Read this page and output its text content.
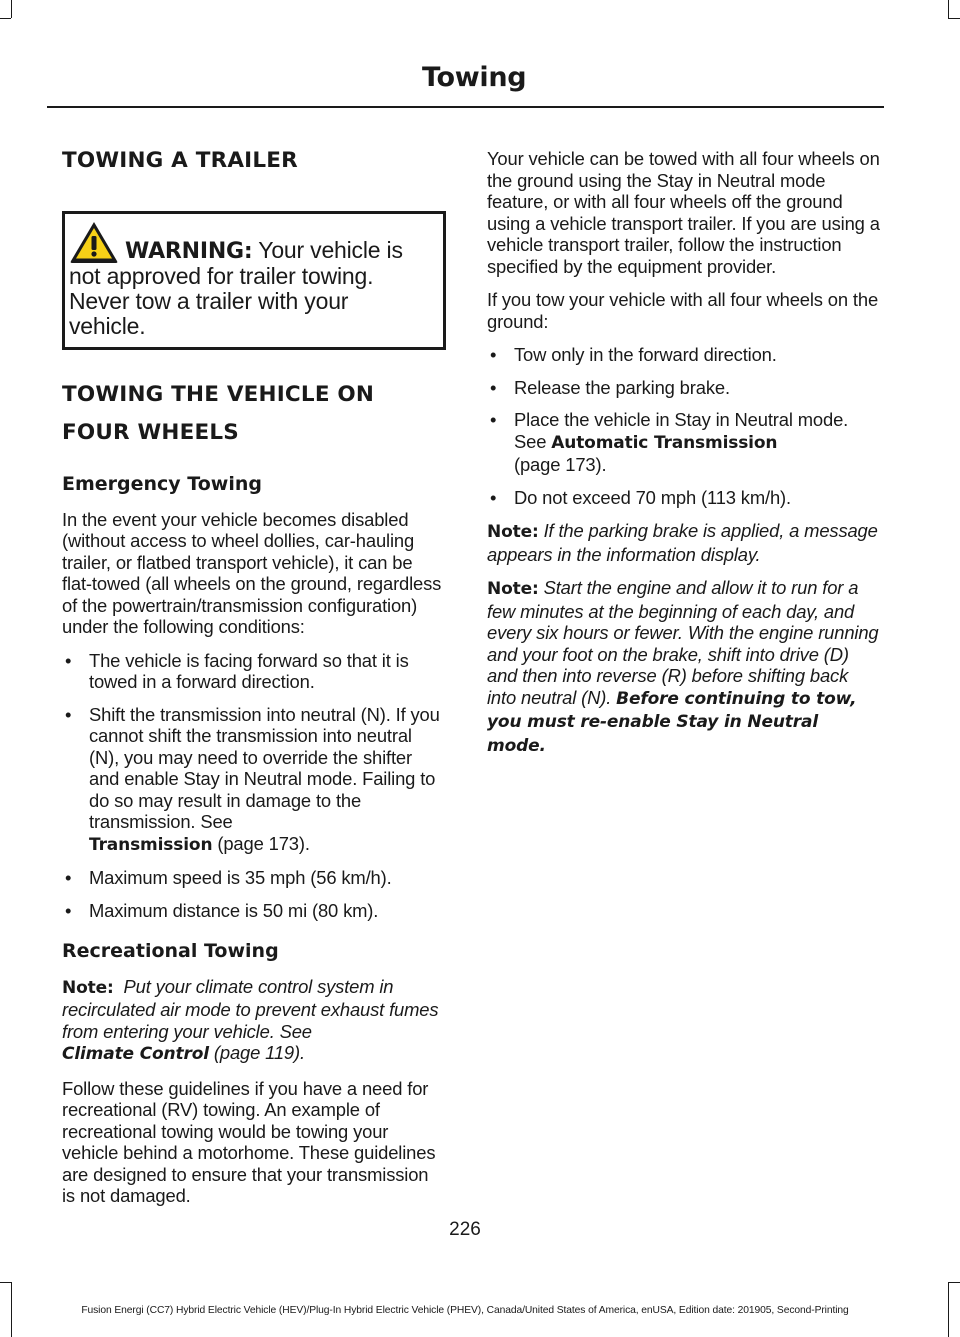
Towing
TOWING A TRAILER
WARNING: Your vehicle is
not approved for trailer towing.
Never tow a trailer with your
vehicle.
TOWING THE VEHICLE ON
FOUR WHEELS
Emergency Towing

In the event your vehicle becomes disabled (without access to wheel dollies, car-hauling trailer, or flatbed transport vehicle), it can be flat-towed (all wheels on the ground, regardless of the powertrain/transmission configuration) under the following conditions:

• The vehicle is facing forward so that it is towed in a forward direction.
• Shift the transmission into neutral (N). If you cannot shift the transmission into neutral (N), you may need to override the shifter and enable Stay in Neutral mode. Failing to do so may result in damage to the transmission. See
Transmission (page 173).
• Maximum speed is 35 mph (56 km/h).
• Maximum distance is 50 mi (80 km).
Recreational Towing

Note: Put your climate control system in recirculated air mode to prevent exhaust fumes from entering your vehicle. See
Climate Control (page 119).

Follow these guidelines if you have a need for recreational (RV) towing. An example of recreational towing would be towing your vehicle behind a motorhome. These guidelines are designed to ensure that your transmission is not damaged.

Your vehicle can be towed with all four wheels on the ground using the Stay in Neutral mode feature, or with all four wheels off the ground using a vehicle transport trailer. If you are using a vehicle transport trailer, follow the instruction specified by the equipment provider.

If you tow your vehicle with all four wheels on the ground:

• Tow only in the forward direction.
• Release the parking brake.
• Place the vehicle in Stay in Neutral mode. See Automatic Transmission
(page 173).
• Do not exceed 70 mph (113 km/h).

Note: If the parking brake is applied, a message appears in the information display.

Note: Start the engine and allow it to run for a few minutes at the beginning of each day, and every six hours or fewer. With the engine running and your foot on the brake, shift into drive (D) and then into reverse (R) before shifting back into neutral (N). Before continuing to tow, you must re-enable Stay in Neutral mode.

226
Fusion Energi (CC7) Hybrid Electric Vehicle (HEV)/Plug-In Hybrid Electric Vehicle (PHEV), Canada/United States of America, enUSA, Edition date: 201905, Second-Printing
